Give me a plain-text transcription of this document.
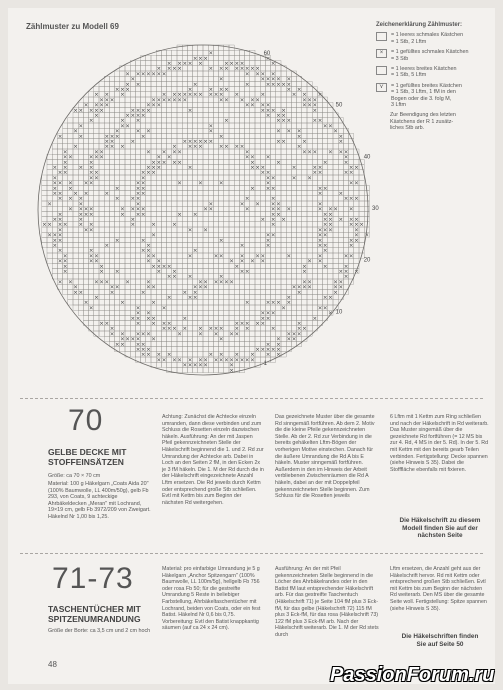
Zählmuster zu Modell 69
×
× × ×	×
× × × × ×	× × × ×	×
× × × ×	× × × × × × × ×
× × × × × × ×	× × × ×
×	×	× × × × ×
× ×	×	×	× × × × ×
× × ×	×	× × ×	× ×
× × ×	× × × × × × × × × × ×	×	× × ×
× × ×	× × × × × × ×	× × × × ×	× × ×
× × × ×	× × ×	× × × ×	× × ×
× × × × ×	× × × ×	×	× × × ×	×
×	× × × ×	× × ×
×	× ×	×	× × ×	× ×
×	× ×	×	× ×
×	×	× ×	×	× × ×	×
×	×	× × ×	×	×	×	×
× ×	×	× × × × × ×	× ×	×	×
×	× × ×	× × × ×	× × × ×	×
×	× ×	× × × ×	×	× × × × × ×
× ×	× × ×	× ×	× × ×	×
×	×	× × × × ×	×	×	×	×
× × × ×	× × ×	×	× × ×	×	× ×	× ×
× ×	× ×	× × ×	× ×	× ×	× ×
×	× ×	×	× ×	× ×
× × × × ×	× ×	×	×	×	×	× ×
× ×	×	× ×	× × ×	× ×
× × × ×	×	× ×	×	×
× × ×	× × ×	×	×	× × ×
×	×	×	×	× × × ×	×
× × × ×	× × × ×	× ×	×	× × ×	× × × ×
×	× × ×	× × ×	× ×	× ×	× ×
× ×	×	×	× × ×	× × × × ×
× × × × × ×	×	×	×	×	× ×	× × ×
×	× ×	× ×	× × ×	×
× × ×	×	× ×	× ×	× ×
× ×	×	×	×	×	×	× ×
×	×	×	×	×	× ×	×
×	×	× ×	×	×
×	× ×	× ×	×	× ×	× × ×	×	×	× ×
× ×	× ×	× ×	× × × ×	× ×
×	×	× × × ×	×	×	×	×
×	× ×	× ×	× ×	×	× × ×
× × ×	×	×
× ×	× × ×	×	×	× × × × × ×	× ×	× ×
×	× ×	× ×	× × ×	× × × ×	× ×
× ×	×	×	× ×	×	×
×	×	× ×	×	× ×
×	×	×	×	× × × ×
×	×	×	×	× ×
× ×	× × ×	×
× × × ×	×	× ×	×
× ×	× × × ×	× × × × ×	×
×	× × × × × × × × × ×	×	× ×
× × × × ×	×	× × × ×	× × ×
× × × × ×	×	× × ×
× × × ×	× ×
× × ×	× × × × ×
× × × ×	× × × × × ×
× × × × × × × × × × × × × × ×
× × × × ×	×
×
60
50
40
30
20
10
1
Zeichenerklärung Zählmuster:
= 1 leeres schmales Kästchen
= 1 Stb, 2 Lftm
×	= 1 gefülltes schmales Kästchen
= 3 Stb
= 1 leeres breites Kästchen
= 1 Stb, 5 Lftm
⋎	= 1 gefülltes breites Kästchen
= 1 Stb, 3 Lftm, 1 fM in den
Bogen oder die 3. folg M,
3 Lftm
Zur Beendigung des letzten
Kästchens der R 1 zusätz-
liches Stb arb.
70
GELBE DECKE MIT
STOFFEINSÄTZEN
Größe: ca 70 × 70 cm
Material: 100 g Häkelgarn „Coats Aida 20" (100% Baumwolle, LL 400m/50g), gelb Fb 293, von Coats, 9 achteckige Ahrbäkeldecken „Meran" mit Lochrand, 19×19 cm, gelb Fb 3972/209 von Zweigart. Häkelnd Nr 1,00 bis 1,25.
Achtung: Zunächst die Achtecke einzeln umranden, dann diese verbinden und zum Schluss die Rosetten einzeln dazwischen häkeln. Ausführung: An der mit Jaspen Pfeil gekennzeichneten Stelle der Häkelschrift beginnend die 1. und 2. Rd zur Umrandung der Achtecke arb. Dabei in Loch an den Seiten 2 fM, in den Ecken 2x je 3 fM häkeln. Die 1. M der Rd durch die in der Häkelschrift eingezeichnete Anzahl Lftm ersetzen. Die Rd jeweils durch Kettm oder entsprechend große Stb schließen. Evtl mit Kettm bis zum Beginn der nächsten Rd weitergehen.
Das gezeichnete Muster über die gesamte Rd sinngemäß fortführen. Ab dem 2. Motiv die die kleine Pfeile gekennzeichneten Stelle. Ab der 2. Rd zur Verbindung in die bereits gehäkelten Lftm-Bögen der vorherigen Motive einstechen. Danach für die äußere Umrandung die Rd A bis E häkeln. Muster sinngemäß fortführen. Außerdem in den im Hinweis der Arbeit verbliebenen Zwischenräumen die Rd A häkeln, dabei an der mit Doppelpfeil gekennzeichneten Stelle beginnen. Zum Schluss für die Rosetten jeweils
6 Lftm mit 1 Kettm zum Ring schließen und nach der Häkelschrift in Rd weiterarb. Das Muster singemäß über die gezeichnete Rd fortführen (= 12 MS bis zur 4. Rd, 4 MS in der 5. Rd). In der 5. Rd mit Kettm mit den bereits gearb Teilen verbinden. Fertigstellung: Decke spannen (siehe Hinweis S 35). Dabei die Stofffläche ebenfalls mit fixieren.
Die Häkelschrift zu diesem
Modell finden Sie auf der
nächsten Seite
71-73
TASCHENTÜCHER MIT
SPITZENUMRANDUNG
Größe der Borte: ca 3,5 cm und 2 cm hoch
Material: pro einfarbige Umrandung je 5 g Häkelgarn „Anchor Spitzengarn" (100% Baumwolle, LL 100m/5g), hellgelb Fb 756 oder rosa Fb 50; für die gestreifte Umrandung 5 Reste in beliebiger Farbstellung, Ahrbäkeltaschentücher mit Lochrand, beiden von Coats, oder ein fest Batist. Häkelnd Nr 0,6 bis 0,75. Vorbereitung: Evtl den Batist knappkantig säumen (auf ca 24 x 24 cm).
Ausführung: An der mit Pfeil gekennzeichneten Stelle beginnend in die Löcher des Ahrbäkelrandes oder in den Batist fM laut entsprechender Häkelschrift arb. Für das gestreifte Taschentuch (Häkelschrift 71) je Seite 104 fM plus 3 Eck-fM, für das gelbe (Häkelschrift 72) 115 fM plus 3 Eck-fM, für das rosa (Häkelschrift 73) 122 fM plus 3 Eck-fM arb. Nach der Häkelschrift weiterarb. Die 1. M der Rd stets durch
Lftm ersetzen, die Anzahl geht aus der Häkelschrift hervor. Rd mit Kettm oder entsprechend großen Stb schließen. Evtl mit Kettm bis zum Beginn der nächsten Rd weiterarb. Den MS über die gesamte Seite woll. Fertigstellung: Spitze spannen (siehe Hinweis S 35).
Die Häkelschriften finden
Sie auf Seite 50
48	PassionForum.ru
